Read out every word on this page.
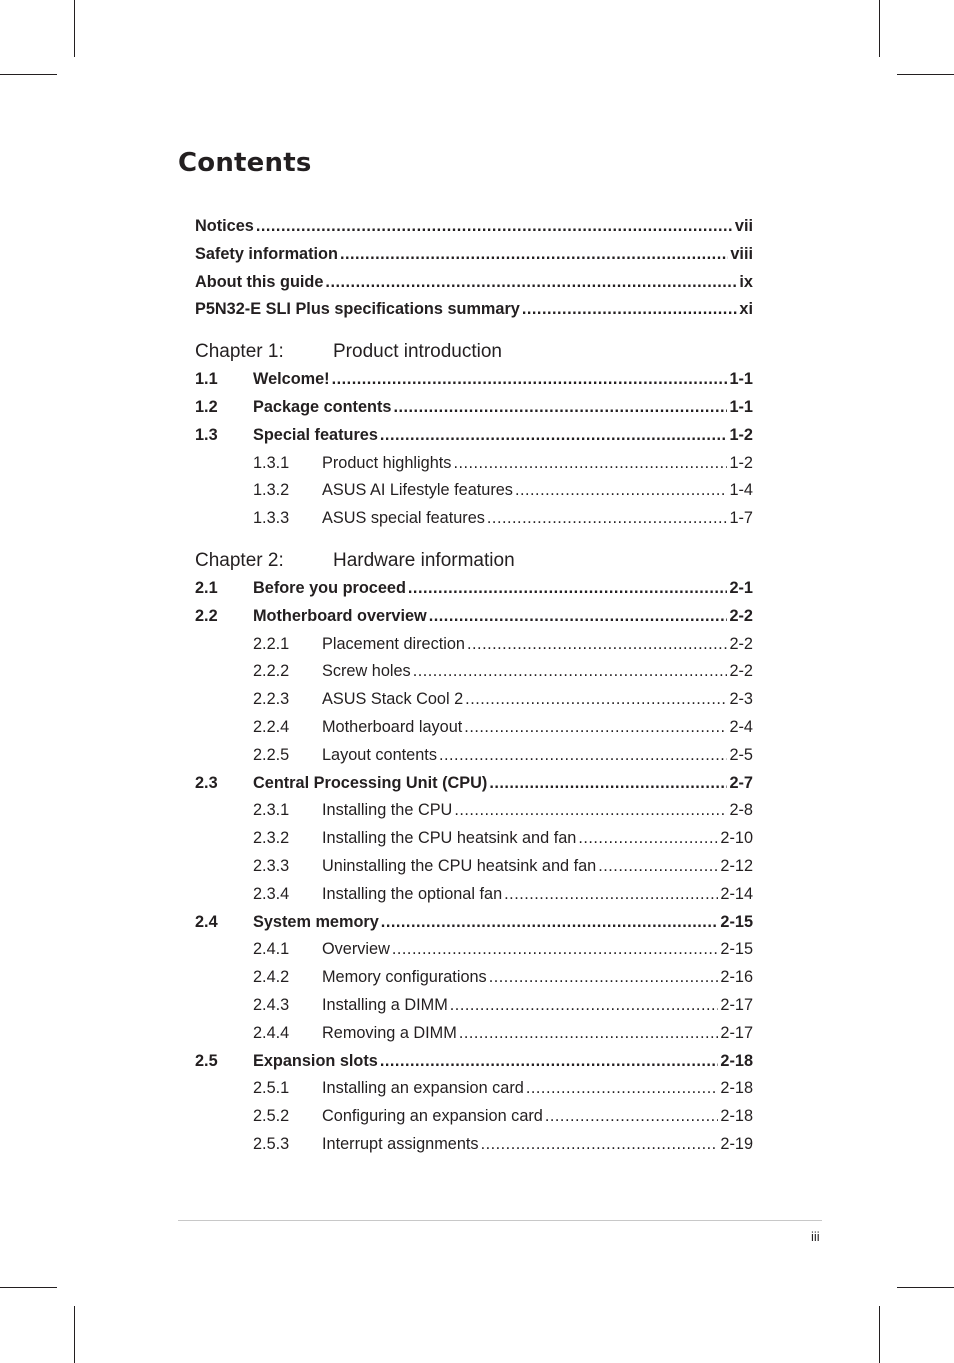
Contents
Notices .....	vii
Safety information .....	viii
About this guide .....	ix
P5N32-E SLI Plus specifications summary .....	xi
Chapter 1:	Product introduction
1.1	Welcome! .....	1-1
1.2	Package contents .....	1-1
1.3	Special features .....	1-2
1.3.1	Product highlights .....	1-2
1.3.2	ASUS AI Lifestyle features .....	1-4
1.3.3	ASUS special features .....	1-7
Chapter 2:	Hardware information
2.1	Before you proceed .....	2-1
2.2	Motherboard overview .....	2-2
2.2.1	Placement direction .....	2-2
2.2.2	Screw holes .....	2-2
2.2.3	ASUS Stack Cool 2 .....	2-3
2.2.4	Motherboard layout .....	2-4
2.2.5	Layout contents .....	2-5
2.3	Central Processing Unit (CPU) .....	2-7
2.3.1	Installing the CPU .....	2-8
2.3.2	Installing the CPU heatsink and fan .....	2-10
2.3.3	Uninstalling the CPU heatsink and fan .....	2-12
2.3.4	Installing the optional fan .....	2-14
2.4	System memory .....	2-15
2.4.1	Overview .....	2-15
2.4.2	Memory configurations .....	2-16
2.4.3	Installing a DIMM .....	2-17
2.4.4	Removing a DIMM .....	2-17
2.5	Expansion slots .....	2-18
2.5.1	Installing an expansion card .....	2-18
2.5.2	Configuring an expansion card .....	2-18
2.5.3	Interrupt assignments .....	2-19
iii
